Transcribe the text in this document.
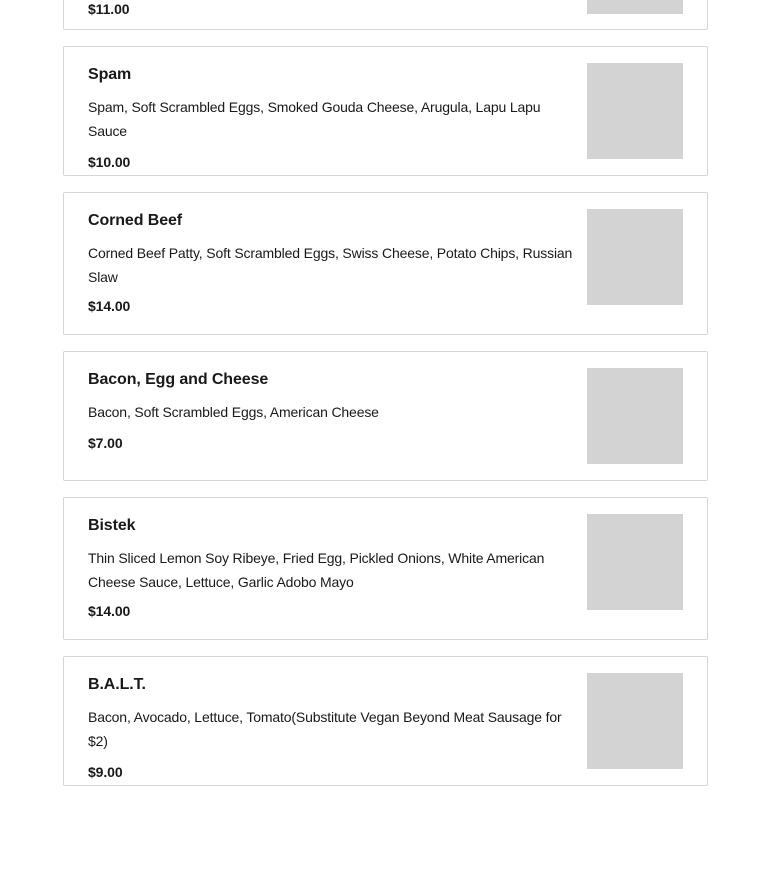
$11.00
Spam
Spam, Soft Scrambled Eggs, Smoked Gouda Cheese, Arugula, Lapu Lapu Sauce
$10.00
Corned Beef
Corned Beef Patty, Soft Scrambled Eggs, Swiss Cheese, Potato Chips, Russian Slaw
$14.00
Bacon, Egg and Cheese
Bacon, Soft Scrambled Eggs, American Cheese
$7.00
Bistek
Thin Sliced Lemon Soy Ribeye, Fried Egg, Pickled Onions, White American Cheese Sauce, Lettuce, Garlic Adobo Mayo
$14.00
B.A.L.T.
Bacon, Avocado, Lettuce, Tomato(Substitute Vegan Beyond Meat Sausage for $2)
$9.00
